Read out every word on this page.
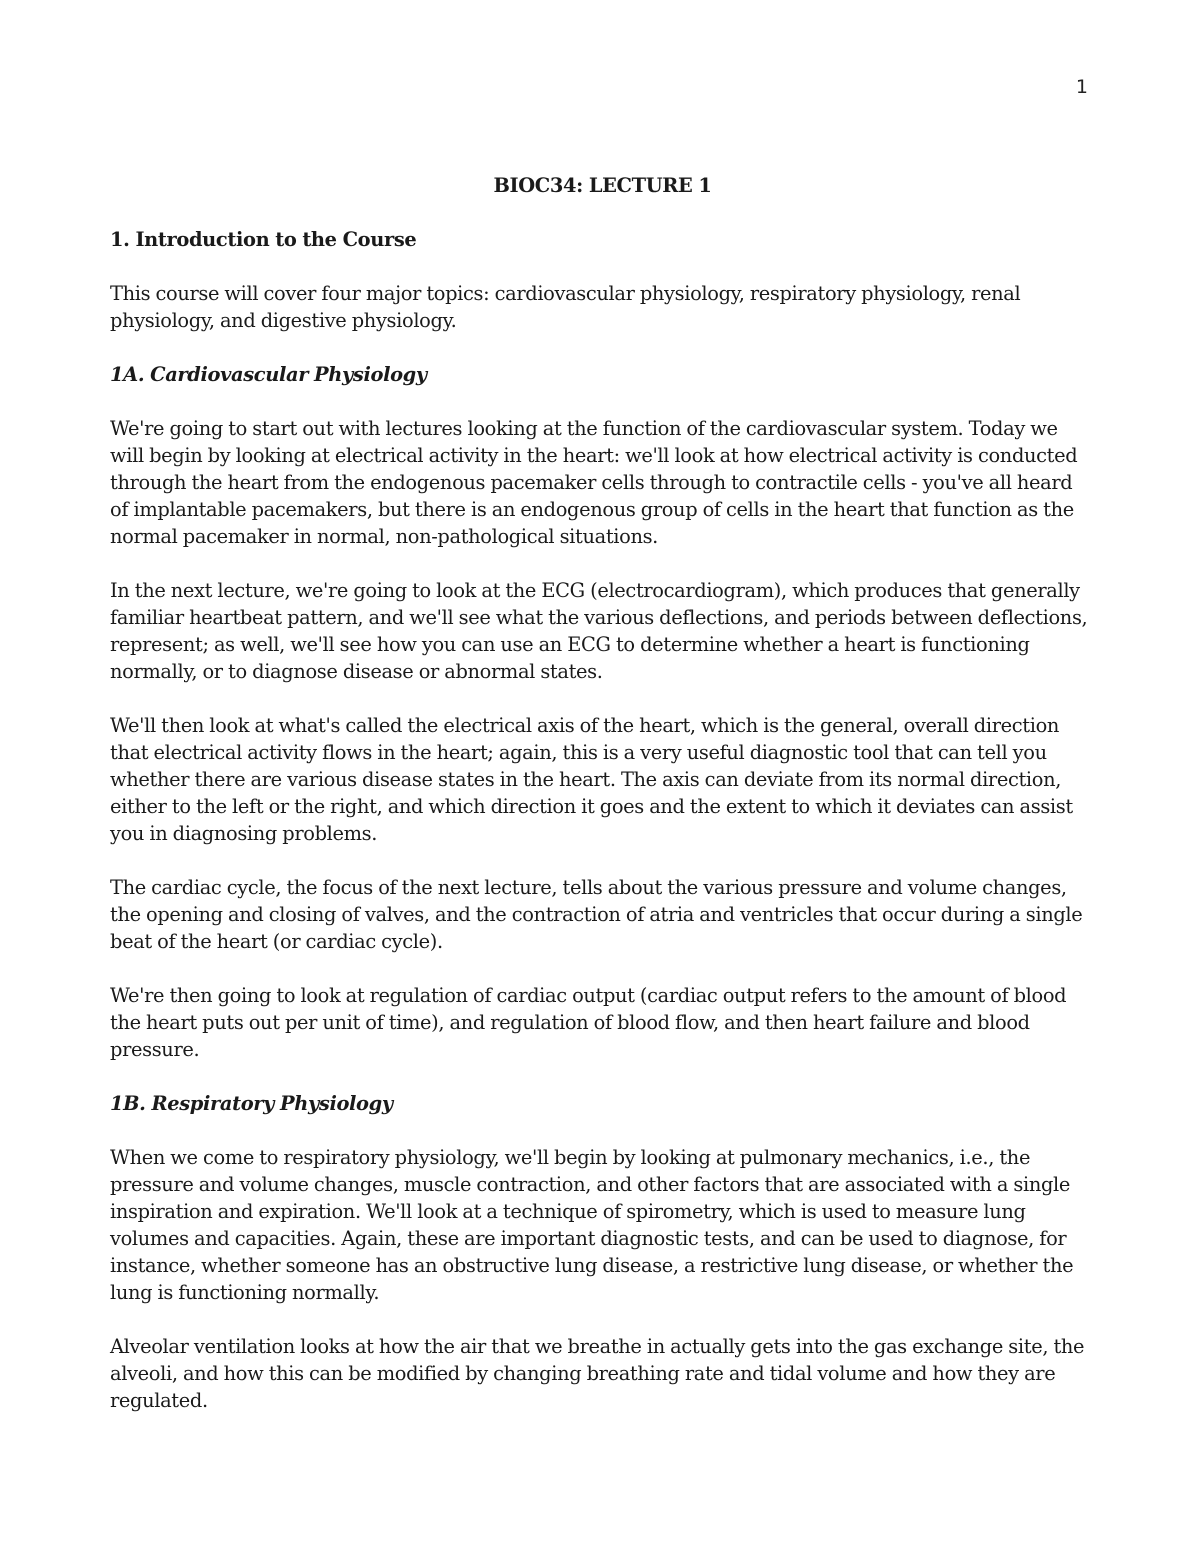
1
BIOC34: LECTURE 1
1. Introduction to the Course

This course will cover four major topics: cardiovascular physiology, respiratory physiology, renal physiology, and digestive physiology.

1A. Cardiovascular Physiology

We're going to start out with lectures looking at the function of the cardiovascular system. Today we will begin by looking at electrical activity in the heart: we'll look at how electrical activity is conducted through the heart from the endogenous pacemaker cells through to contractile cells - you've all heard of implantable pacemakers, but there is an endogenous group of cells in the heart that function as the normal pacemaker in normal, non-pathological situations.

In the next lecture, we're going to look at the ECG (electrocardiogram), which produces that generally familiar heartbeat pattern, and we'll see what the various deflections, and periods between deflections, represent; as well, we'll see how you can use an ECG to determine whether a heart is functioning normally, or to diagnose disease or abnormal states.

We'll then look at what's called the electrical axis of the heart, which is the general, overall direction that electrical activity flows in the heart; again, this is a very useful diagnostic tool that can tell you whether there are various disease states in the heart. The axis can deviate from its normal direction, either to the left or the right, and which direction it goes and the extent to which it deviates can assist you in diagnosing problems.

The cardiac cycle, the focus of the next lecture, tells about the various pressure and volume changes, the opening and closing of valves, and the contraction of atria and ventricles that occur during a single beat of the heart (or cardiac cycle).

We're then going to look at regulation of cardiac output (cardiac output refers to the amount of blood the heart puts out per unit of time), and regulation of blood flow, and then heart failure and blood pressure.

1B. Respiratory Physiology

When we come to respiratory physiology, we'll begin by looking at pulmonary mechanics, i.e., the pressure and volume changes, muscle contraction, and other factors that are associated with a single inspiration and expiration. We'll look at a technique of spirometry, which is used to measure lung volumes and capacities. Again, these are important diagnostic tests, and can be used to diagnose, for instance, whether someone has an obstructive lung disease, a restrictive lung disease, or whether the lung is functioning normally.

Alveolar ventilation looks at how the air that we breathe in actually gets into the gas exchange site, the alveoli, and how this can be modified by changing breathing rate and tidal volume and how they are regulated.
